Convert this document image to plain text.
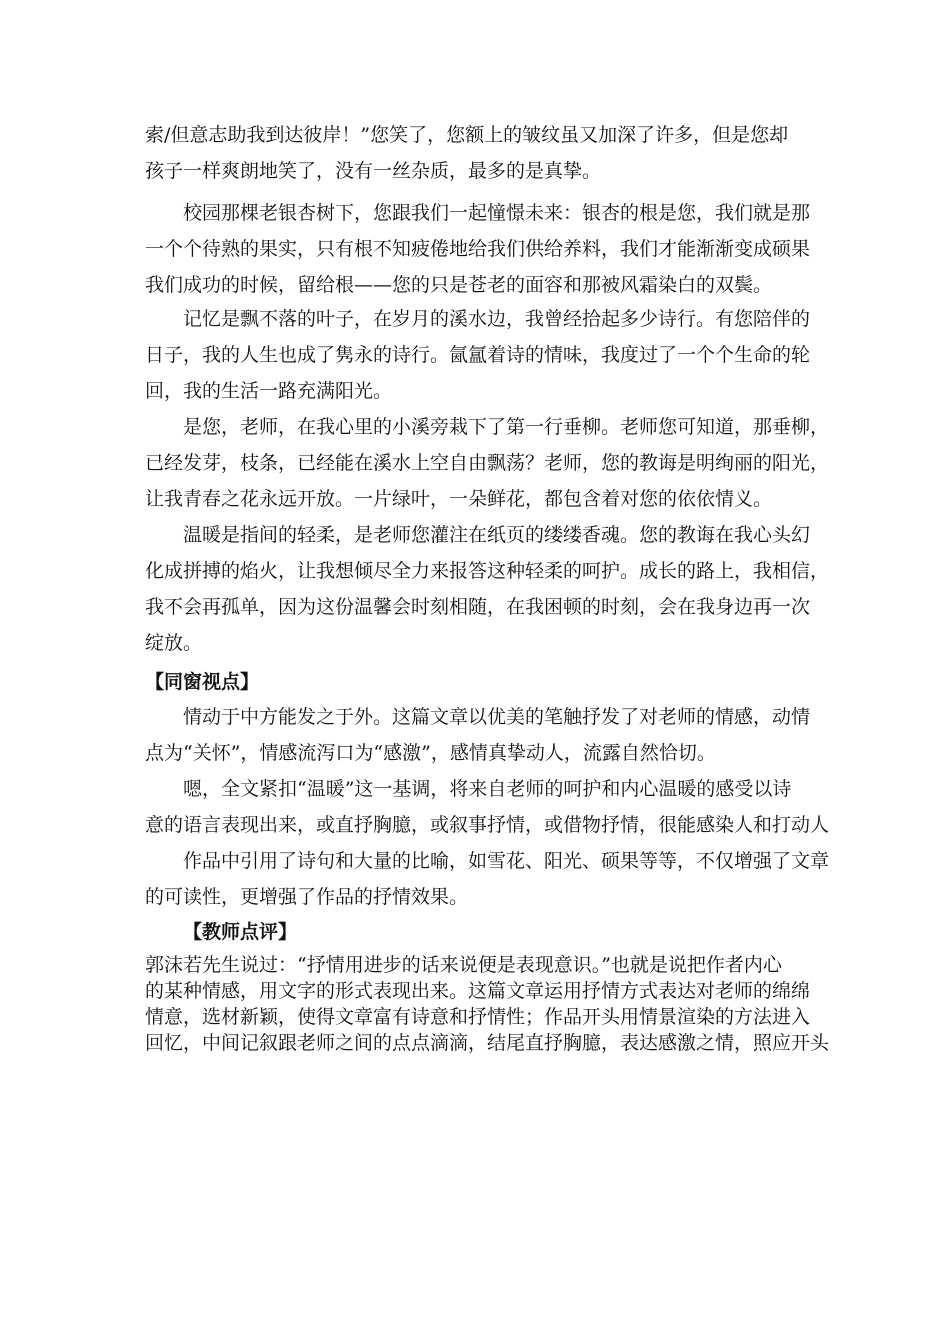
索/但意志助我到达彼岸！”您笑了，您额上的皱纹虽又加深了许多，但是您却
孩子一样爽朗地笑了，没有一丝杂质，最多的是真挚。
校园那棵老银杏树下，您跟我们一起憧憬未来：银杏的根是您，我们就是那
一个个待熟的果实，只有根不知疲倦地给我们供给养料，我们才能渐渐变成硕果
我们成功的时候，留给根——您的只是苍老的面容和那被风霜染白的双鬓。
记忆是飘不落的叶子，在岁月的溪水边，我曾经拾起多少诗行。有您陪伴的
日子，我的人生也成了隽永的诗行。氤氲着诗的情味，我度过了一个个生命的轮
回，我的生活一路充满阳光。
是您，老师，在我心里的小溪旁栽下了第一行垂柳。老师您可知道，那垂柳，
已经发芽，枝条，已经能在溪水上空自由飘荡？老师，您的教诲是明绚丽的阳光，
让我青春之花永远开放。一片绿叶，一朵鲜花，都包含着对您的依依情义。
温暖是指间的轻柔，是老师您灌注在纸页的缕缕香魂。您的教诲在我心头幻
化成拼搏的焰火，让我想倾尽全力来报答这种轻柔的呵护。成长的路上，我相信，
我不会再孤单，因为这份温馨会时刻相随，在我困顿的时刻，会在我身边再一次
绽放。
【同窗视点】
情动于中方能发之于外。这篇文章以优美的笔触抒发了对老师的情感，动情
点为“关怀”，情感流泻口为“感激”，感情真挚动人，流露自然恰切。
嗯，全文紧扣“温暖”这一基调，将来自老师的呵护和内心温暖的感受以诗
意的语言表现出来，或直抒胸臆，或叙事抒情，或借物抒情，很能感染人和打动人
作品中引用了诗句和大量的比喻，如雪花、阳光、硕果等等，不仅增强了文章
的可读性，更增强了作品的抒情效果。
【教师点评】
郭沫若先生说过：“抒情用进步的话来说便是表现意识。”也就是说把作者内心
的某种情感，用文字的形式表现出来。这篇文章运用抒情方式表达对老师的绵绵
情意，选材新颖，使得文章富有诗意和抒情性；作品开头用情景渲染的方法进入
回忆，中间记叙跟老师之间的点点滴滴，结尾直抒胸臆，表达感激之情，照应开头
